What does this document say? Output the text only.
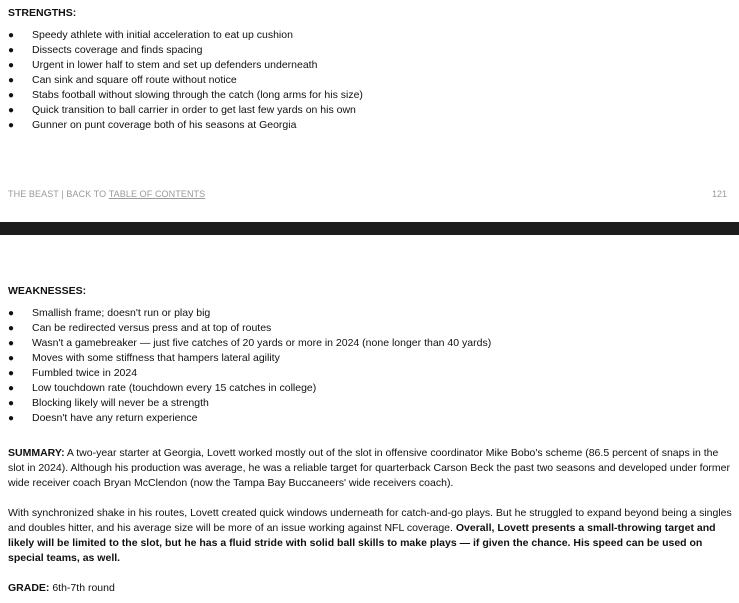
STRENGTHS:
● Speedy athlete with initial acceleration to eat up cushion
● Dissects coverage and finds spacing
● Urgent in lower half to stem and set up defenders underneath
● Can sink and square off route without notice
● Stabs football without slowing through the catch (long arms for his size)
● Quick transition to ball carrier in order to get last few yards on his own
● Gunner on punt coverage both of his seasons at Georgia
THE BEAST | BACK TO TABLE OF CONTENTS	121
WEAKNESSES:
● Smallish frame; doesn't run or play big
● Can be redirected versus press and at top of routes
● Wasn't a gamebreaker — just five catches of 20 yards or more in 2024 (none longer than 40 yards)
● Moves with some stiffness that hampers lateral agility
● Fumbled twice in 2024
● Low touchdown rate (touchdown every 15 catches in college)
● Blocking likely will never be a strength
● Doesn't have any return experience

SUMMARY: A two-year starter at Georgia, Lovett worked mostly out of the slot in offensive coordinator Mike Bobo's scheme (86.5 percent of snaps in the slot in 2024). Although his production was average, he was a reliable target for quarterback Carson Beck the past two seasons and developed under former wide receiver coach Bryan McClendon (now the Tampa Bay Buccaneers' wide receivers coach).

With synchronized shake in his routes, Lovett created quick windows underneath for catch-and-go plays. But he struggled to expand beyond being a singles and doubles hitter, and his average size will be more of an issue working against NFL coverage. Overall, Lovett presents a small-throwing target and likely will be limited to the slot, but he has a fluid stride with solid ball skills to make plays — if given the chance. His speed can be used on special teams, as well.

GRADE: 6th-7th round
